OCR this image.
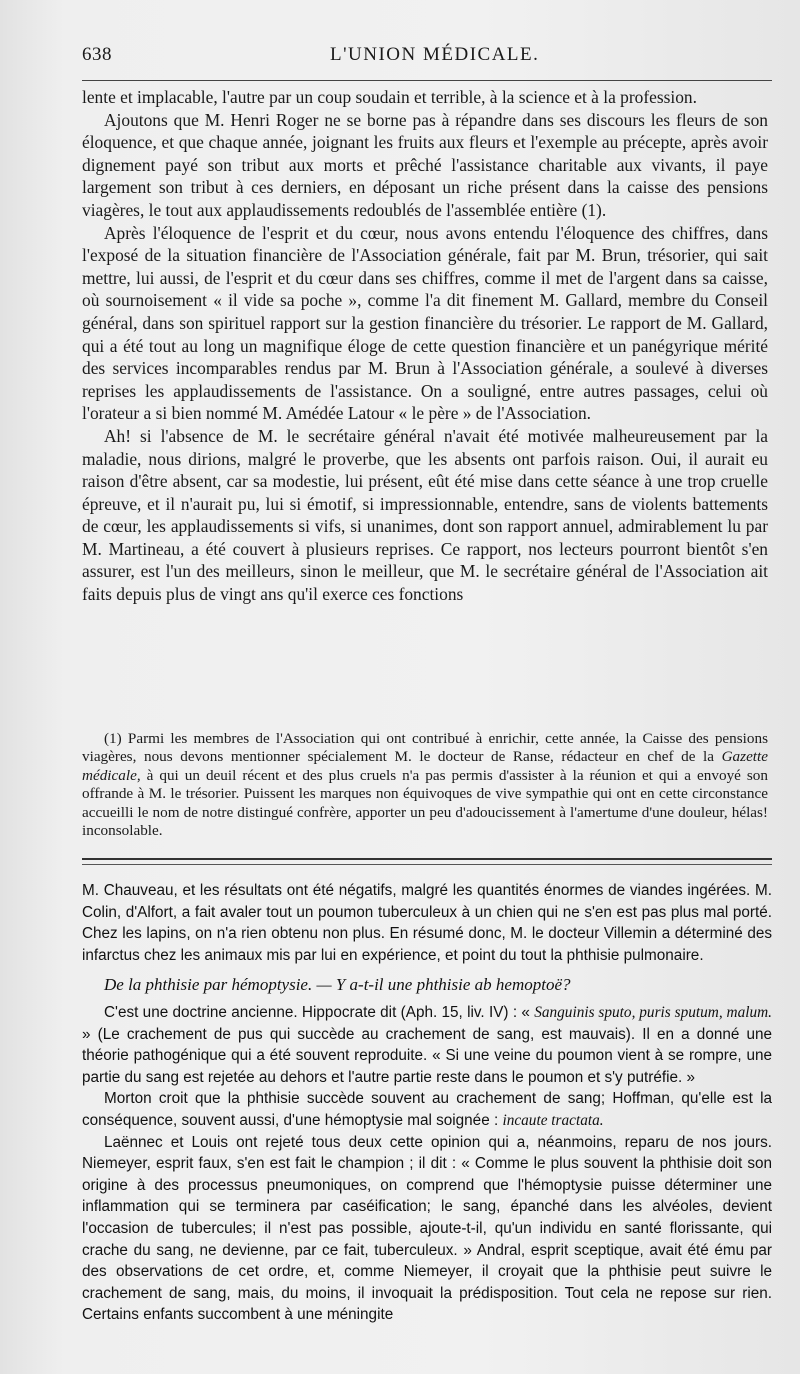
638	L'UNION MÉDICALE.

lente et implacable, l'autre par un coup soudain et terrible, à la science et à la profession.

Ajoutons que M. Henri Roger ne se borne pas à répandre dans ses discours les fleurs de son éloquence, et que chaque année, joignant les fruits aux fleurs et l'exemple au précepte, après avoir dignement payé son tribut aux morts et prêché l'assistance charitable aux vivants, il paye largement son tribut à ces derniers, en déposant un riche présent dans la caisse des pensions viagères, le tout aux applaudissements redoublés de l'assemblée entière (1).

Après l'éloquence de l'esprit et du cœur, nous avons entendu l'éloquence des chiffres, dans l'exposé de la situation financière de l'Association générale, fait par M. Brun, trésorier, qui sait mettre, lui aussi, de l'esprit et du cœur dans ses chiffres, comme il met de l'argent dans sa caisse, où sournoisement « il vide sa poche », comme l'a dit finement M. Gallard, membre du Conseil général, dans son spirituel rapport sur la gestion financière du trésorier. Le rapport de M. Gallard, qui a été tout au long un magnifique éloge de cette question financière et un panégyrique mérité des services incomparables rendus par M. Brun à l'Association générale, a soulevé à diverses reprises les applaudissements de l'assistance. On a souligné, entre autres passages, celui où l'orateur a si bien nommé M. Amédée Latour « le père » de l'Association.

Ah! si l'absence de M. le secrétaire général n'avait été motivée malheureusement par la maladie, nous dirions, malgré le proverbe, que les absents ont parfois raison. Oui, il aurait eu raison d'être absent, car sa modestie, lui présent, eût été mise dans cette séance à une trop cruelle épreuve, et il n'aurait pu, lui si émotif, si impressionnable, entendre, sans de violents battements de cœur, les applaudissements si vifs, si unanimes, dont son rapport annuel, admirablement lu par M. Martineau, a été couvert à plusieurs reprises. Ce rapport, nos lecteurs pourront bientôt s'en assurer, est l'un des meilleurs, sinon le meilleur, que M. le secrétaire général de l'Association ait faits depuis plus de vingt ans qu'il exerce ces fonctions

(1) Parmi les membres de l'Association qui ont contribué à enrichir, cette année, la Caisse des pensions viagères, nous devons mentionner spécialement M. le docteur de Ranse, rédacteur en chef de la Gazette médicale, à qui un deuil récent et des plus cruels n'a pas permis d'assister à la réunion et qui a envoyé son offrande à M. le trésorier. Puissent les marques non équivoques de vive sympathie qui ont en cette circonstance accueilli le nom de notre distingué confrère, apporter un peu d'adoucissement à l'amertume d'une douleur, hélas! inconsolable.

M. Chauveau, et les résultats ont été négatifs, malgré les quantités énormes de viandes ingérées. M. Colin, d'Alfort, a fait avaler tout un poumon tuberculeux à un chien qui ne s'en est pas plus mal porté. Chez les lapins, on n'a rien obtenu non plus. En résumé donc, M. le docteur Villemin a déterminé des infarctus chez les animaux mis par lui en expérience, et point du tout la phthisie pulmonaire.

De la phthisie par hémoptysie. — Y a-t-il une phthisie ab hemoptoë?

C'est une doctrine ancienne. Hippocrate dit (Aph. 15, liv. IV) : « Sanguinis sputo, puris sputum, malum. » (Le crachement de pus qui succède au crachement de sang, est mauvais). Il en a donné une théorie pathogénique qui a été souvent reproduite. « Si une veine du poumon vient à se rompre, une partie du sang est rejetée au dehors et l'autre partie reste dans le poumon et s'y putréfie. »

Morton croit que la phthisie succède souvent au crachement de sang; Hoffman, qu'elle est la conséquence, souvent aussi, d'une hémoptysie mal soignée : incaute tractata.

Laënnec et Louis ont rejeté tous deux cette opinion qui a, néanmoins, reparu de nos jours. Niemeyer, esprit faux, s'en est fait le champion ; il dit : « Comme le plus souvent la phthisie doit son origine à des processus pneumoniques, on comprend que l'hémoptysie puisse déterminer une inflammation qui se terminera par caséification; le sang, épanché dans les alvéoles, devient l'occasion de tubercules; il n'est pas possible, ajoute-t-il, qu'un individu en santé florissante, qui crache du sang, ne devienne, par ce fait, tuberculeux. » Andral, esprit sceptique, avait été ému par des observations de cet ordre, et, comme Niemeyer, il croyait que la phthisie peut suivre le crachement de sang, mais, du moins, il invoquait la prédisposition. Tout cela ne repose sur rien. Certains enfants succombent à une méningite
